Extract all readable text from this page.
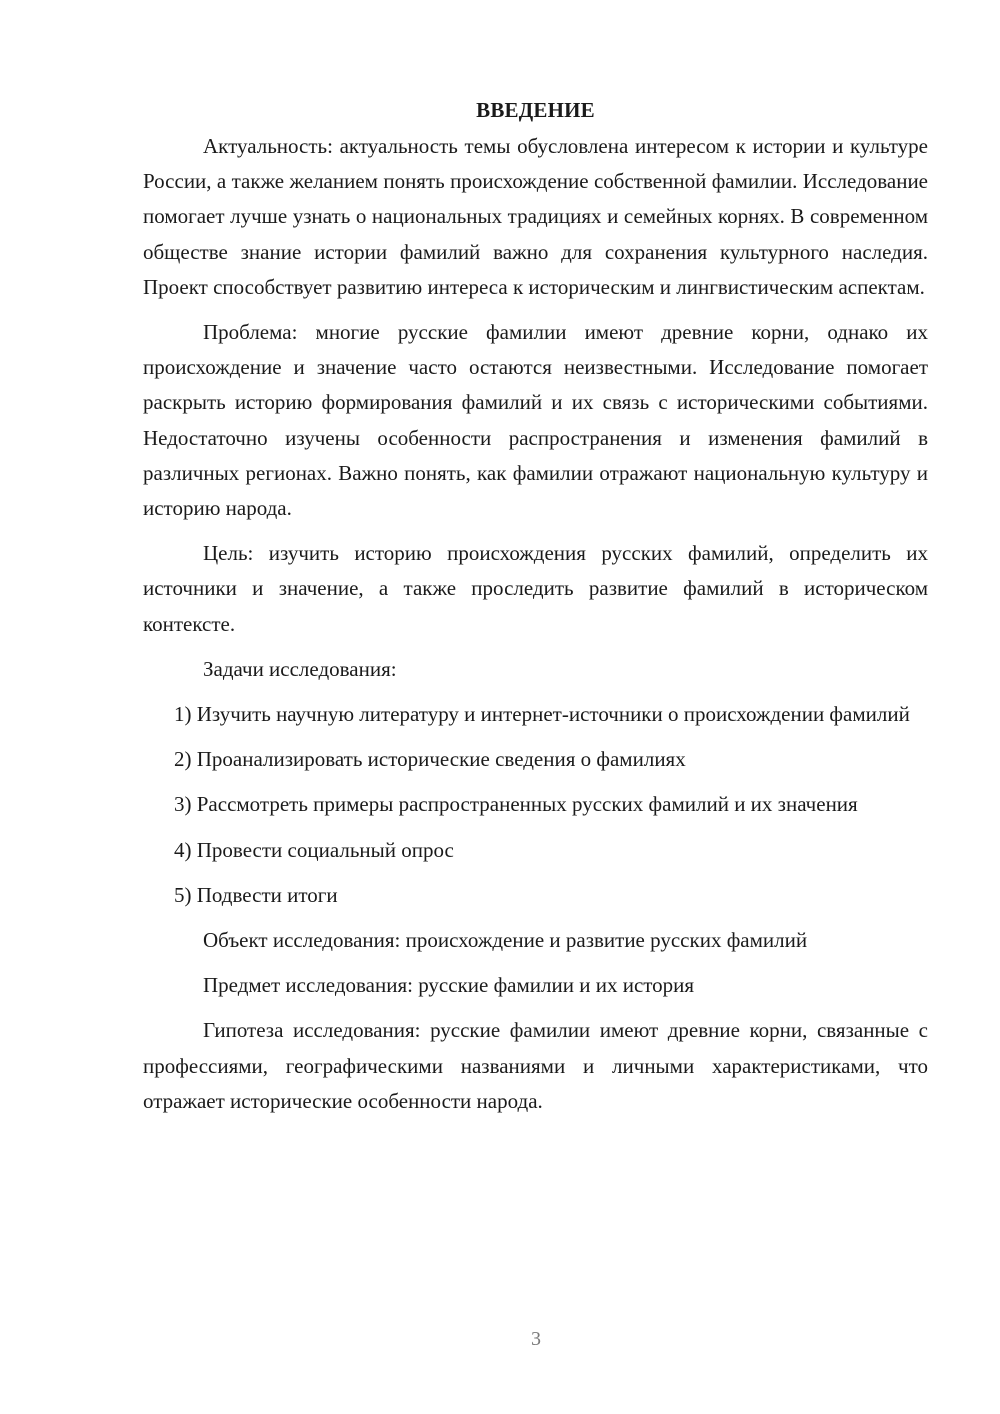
ВВЕДЕНИЕ

Актуальность: актуальность темы обусловлена интересом к истории и культуре России, а также желанием понять происхождение собственной фамилии. Исследование помогает лучше узнать о национальных традициях и семейных корнях. В современном обществе знание истории фамилий важно для сохранения культурного наследия. Проект способствует развитию интереса к историческим и лингвистическим аспектам.

Проблема: многие русские фамилии имеют древние корни, однако их происхождение и значение часто остаются неизвестными. Исследование помогает раскрыть историю формирования фамилий и их связь с историческими событиями. Недостаточно изучены особенности распространения и изменения фамилий в различных регионах. Важно понять, как фамилии отражают национальную культуру и историю народа.

Цель: изучить историю происхождения русских фамилий, определить их источники и значение, а также проследить развитие фамилий в историческом контексте.

Задачи исследования:

1) Изучить научную литературу и интернет-источники о происхождении фамилий

2) Проанализировать исторические сведения о фамилиях

3) Рассмотреть примеры распространенных русских фамилий и их значения

4) Провести социальный опрос

5) Подвести итоги

Объект исследования: происхождение и развитие русских фамилий

Предмет исследования: русские фамилии и их история

Гипотеза исследования: русские фамилии имеют древние корни, связанные с профессиями, географическими названиями и личными характеристиками, что отражает исторические особенности народа.

3
